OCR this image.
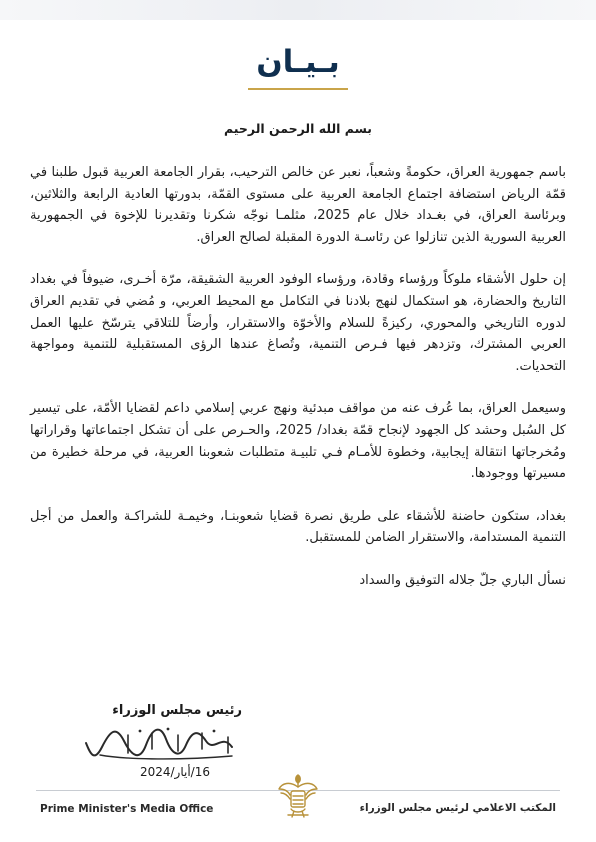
بـيـان
بسم الله الرحمن الرحيم

باسم جمهورية العراق، حكومةً وشعباً، نعبر عن خالص الترحيب، بقرار الجامعة العربية قبول طلبنا في قمّة الرياض استضافة اجتماع الجامعة العربية على مستوى القمّة، بدورتها العادية الرابعة والثلاثين، وبرئاسة العراق، في بغـداد خلال عام 2025، مثلمـا نوجّه شكرنا وتقديرنا للإخوة في الجمهورية العربية السورية الذين تنازلوا عن رئاسـة الدورة المقبلة لصالح العراق.

إن حلول الأشقاء ملوكاً ورؤساء وقادة، ورؤساء الوفود العربية الشقيقة، مرّة أخـرى، ضيوفاً في بغداد التاريخ والحضارة، هو استكمال لنهج بلادنا في التكامل مع المحيط العربي، و مُضي في تقديم العراق لدوره التاريخي والمحوري، ركيزةً للسلام والأخوّة والاستقرار، وأرضاً للتلاقي يترسّخ عليها العمل العربي المشترك، وتزدهر فيها فـرص التنمية، وتُصاغ عندها الرؤى المستقبلية للتنمية ومواجهة التحديات.

وسيعمل العراق، بما عُرف عنه من مواقف مبدئية ونهج عربي إسلامي داعم لقضايا الأمّة، على تيسير كل السُبل وحشد كل الجهود لإنجاح قمّة بغداد/ 2025، والحـرص على أن تشكل اجتماعاتها وقراراتها ومُخرجاتها انتقالة إيجابية، وخطوة للأمـام فـي تلبيـة متطلبات شعوبنا العربية، في مرحلة خطيرة من مسيرتها ووجودها.

بغداد، ستكون حاضنة للأشقاء على طريق نصرة قضايا شعوبنـا، وخيمـة للشراكـة والعمل من أجل التنمية المستدامة، والاستقرار الضامن للمستقبل.

نسأل الباري جلّ جلاله التوفيق والسداد

رئيس مجلس الوزراء

16/أيار/2024
Prime Minister's Media Office	المكتب الاعلامي لرئيس مجلس الوزراء
